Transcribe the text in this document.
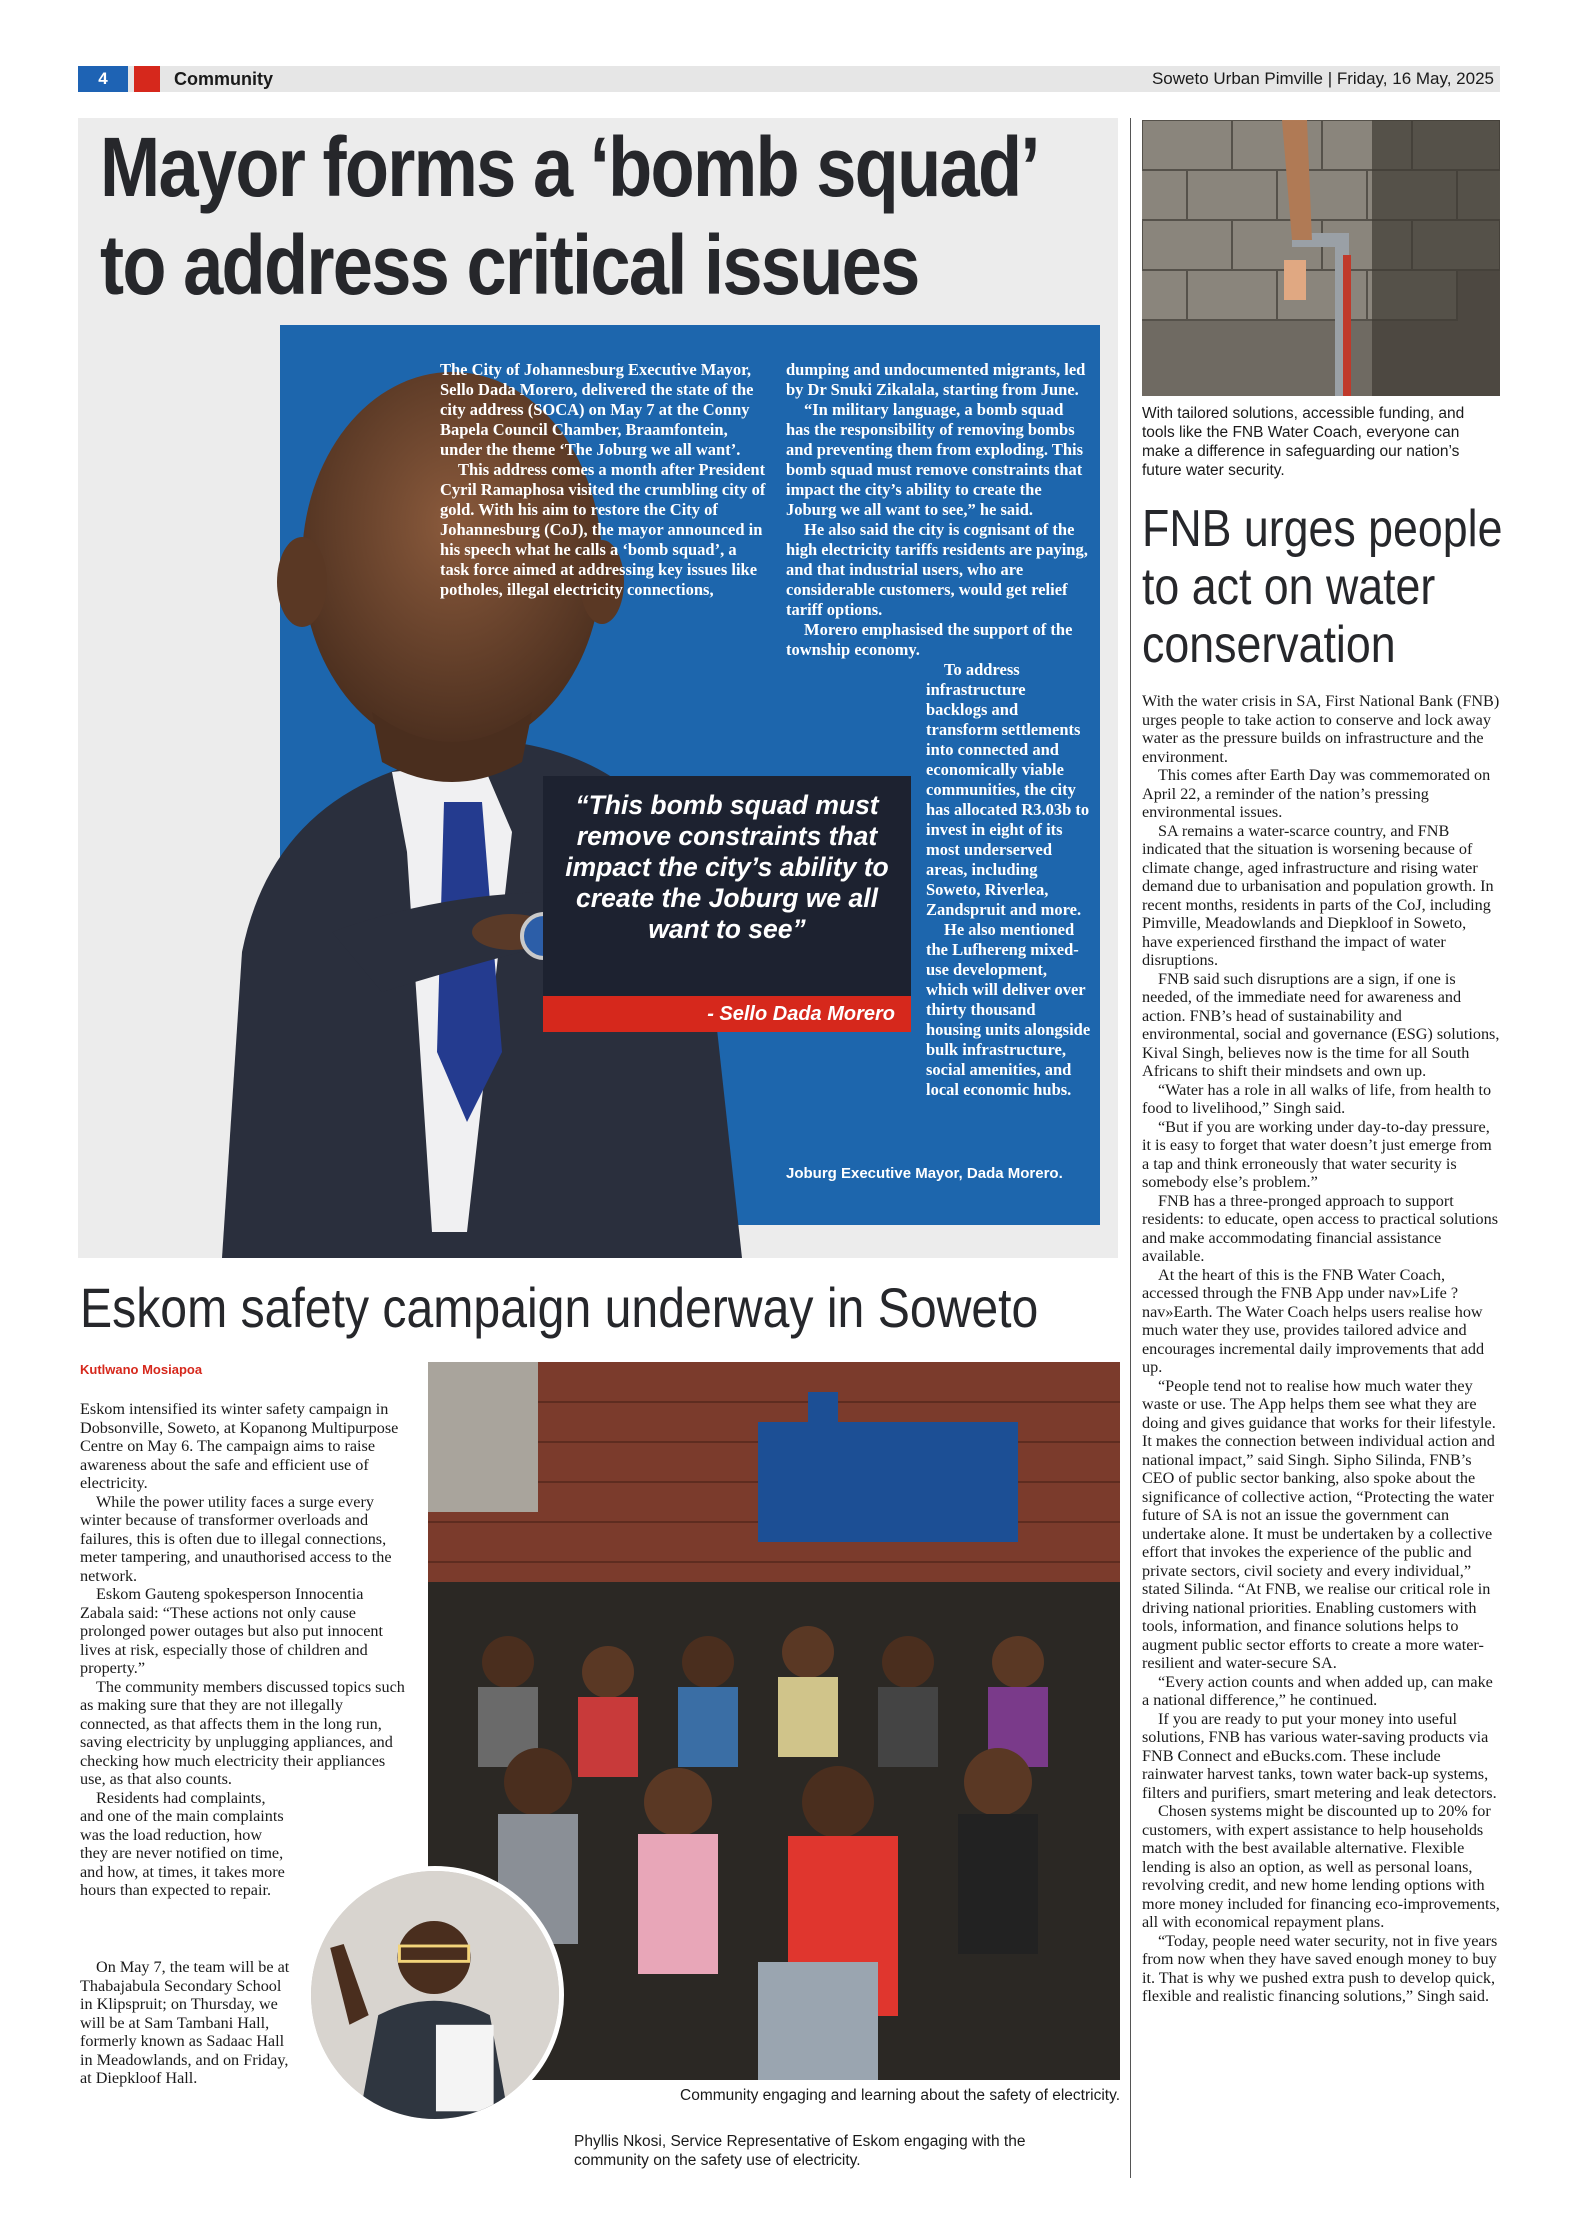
4	Community	Soweto Urban Pimville | Friday, 16 May, 2025
Mayor forms a ‘bomb squad’
to address critical issues

The City of Johannesburg Executive Mayor, Sello Dada Morero, delivered the state of the city address (SOCA) on May 7 at the Conny Bapela Council Chamber, Braamfontein, under the theme ‘The Joburg we all want’.

This address comes a month after President Cyril Ramaphosa visited the crumbling city of gold. With his aim to restore the City of Johannesburg (CoJ), the mayor announced in his speech what he calls a ‘bomb squad’, a task force aimed at addressing key issues like potholes, illegal electricity connections,

dumping and undocumented migrants, led by Dr Snuki Zikalala, starting from June.

“In military language, a bomb squad has the responsibility of removing bombs and preventing them from exploding. This bomb squad must remove constraints that impact the city’s ability to create the Joburg we all want to see,” he said.

He also said the city is cognisant of the high electricity tariffs residents are paying, and that industrial users, who are considerable customers, would get relief tariff options.

Morero emphasised the support of the township economy.

To address infrastructure backlogs and transform settlements into connected and economically viable communities, the city has allocated R3.03b to invest in eight of its most underserved areas, including Soweto, Riverlea, Zandspruit and more.

He also mentioned the Lufhereng mixed-use development, which will deliver over thirty thousand housing units alongside bulk infrastructure, social amenities, and local economic hubs.

“This bomb squad must remove constraints that impact the city’s ability to create the Joburg we all want to see”
- Sello Dada Morero
Joburg Executive Mayor, Dada Morero.
With tailored solutions, accessible funding, and tools like the FNB Water Coach, everyone can make a difference in safeguarding our nation’s future water security.
FNB urges people to act on water conservation

With the water crisis in SA, First National Bank (FNB) urges people to take action to conserve and lock away water as the pressure builds on infrastructure and the environment.

This comes after Earth Day was commemorated on April 22, a reminder of the nation’s pressing environmental issues.

SA remains a water-scarce country, and FNB indicated that the situation is worsening because of climate change, aged infrastructure and rising water demand due to urbanisation and population growth. In recent months, residents in parts of the CoJ, including Pimville, Meadowlands and Diepkloof in Soweto, have experienced firsthand the impact of water disruptions.

FNB said such disruptions are a sign, if one is needed, of the immediate need for awareness and action. FNB’s head of sustainability and environmental, social and governance (ESG) solutions, Kival Singh, believes now is the time for all South Africans to shift their mindsets and own up.

“Water has a role in all walks of life, from health to food to livelihood,” Singh said.

“But if you are working under day-to-day pressure, it is easy to forget that water doesn’t just emerge from a tap and think erroneously that water security is somebody else’s problem.”

FNB has a three-pronged approach to support residents: to educate, open access to practical solutions and make accommodating financial assistance available.

At the heart of this is the FNB Water Coach, accessed through the FNB App under nav»Life ? nav»Earth. The Water Coach helps users realise how much water they use, provides tailored advice and encourages incremental daily improvements that add up.

“People tend not to realise how much water they waste or use. The App helps them see what they are doing and gives guidance that works for their lifestyle. It makes the connection between individual action and national impact,” said Singh. Sipho Silinda, FNB’s CEO of public sector banking, also spoke about the significance of collective action, “Protecting the water future of SA is not an issue the government can undertake alone. It must be undertaken by a collective effort that invokes the experience of the public and private sectors, civil society and every individual,” stated Silinda. “At FNB, we realise our critical role in driving national priorities. Enabling customers with tools, information, and finance solutions helps to augment public sector efforts to create a more water-resilient and water-secure SA.

“Every action counts and when added up, can make a national difference,” he continued.

If you are ready to put your money into useful solutions, FNB has various water-saving products via FNB Connect and eBucks.com. These include rainwater harvest tanks, town water back-up systems, filters and purifiers, smart metering and leak detectors.

Chosen systems might be discounted up to 20% for customers, with expert assistance to help households match with the best available alternative. Flexible lending is also an option, as well as personal loans, revolving credit, and new home lending options with more money included for financing eco-improvements, all with economical repayment plans.

“Today, people need water security, not in five years from now when they have saved enough money to buy it. That is why we pushed extra push to develop quick, flexible and realistic financing solutions,” Singh said.

Eskom safety campaign underway in Soweto
Kutlwano Mosiapoa

Eskom intensified its winter safety campaign in Dobsonville, Soweto, at Kopanong Multipurpose Centre on May 6. The campaign aims to raise awareness about the safe and efficient use of electricity.

While the power utility faces a surge every winter because of transformer overloads and failures, this is often due to illegal connections, meter tampering, and unauthorised access to the network.

Eskom Gauteng spokesperson Innocentia Zabala said: “These actions not only cause prolonged power outages but also put innocent lives at risk, especially those of children and property.”

The community members discussed topics such as making sure that they are not illegally connected, as that affects them in the long run, saving electricity by unplugging appliances, and checking how much electricity their appliances use, as that also counts.

Residents had complaints, and one of the main complaints was the load reduction, how they are never notified on time, and how, at times, it takes more hours than expected to repair.

On May 7, the team will be at Thabajabula Secondary School in Klipspruit; on Thursday, we will be at Sam Tambani Hall, formerly known as Sadaac Hall in Meadowlands, and on Friday, at Diepkloof Hall.

Community engaging and learning about the safety of electricity.
Phyllis Nkosi, Service Representative of Eskom engaging with the community on the safety use of electricity.
